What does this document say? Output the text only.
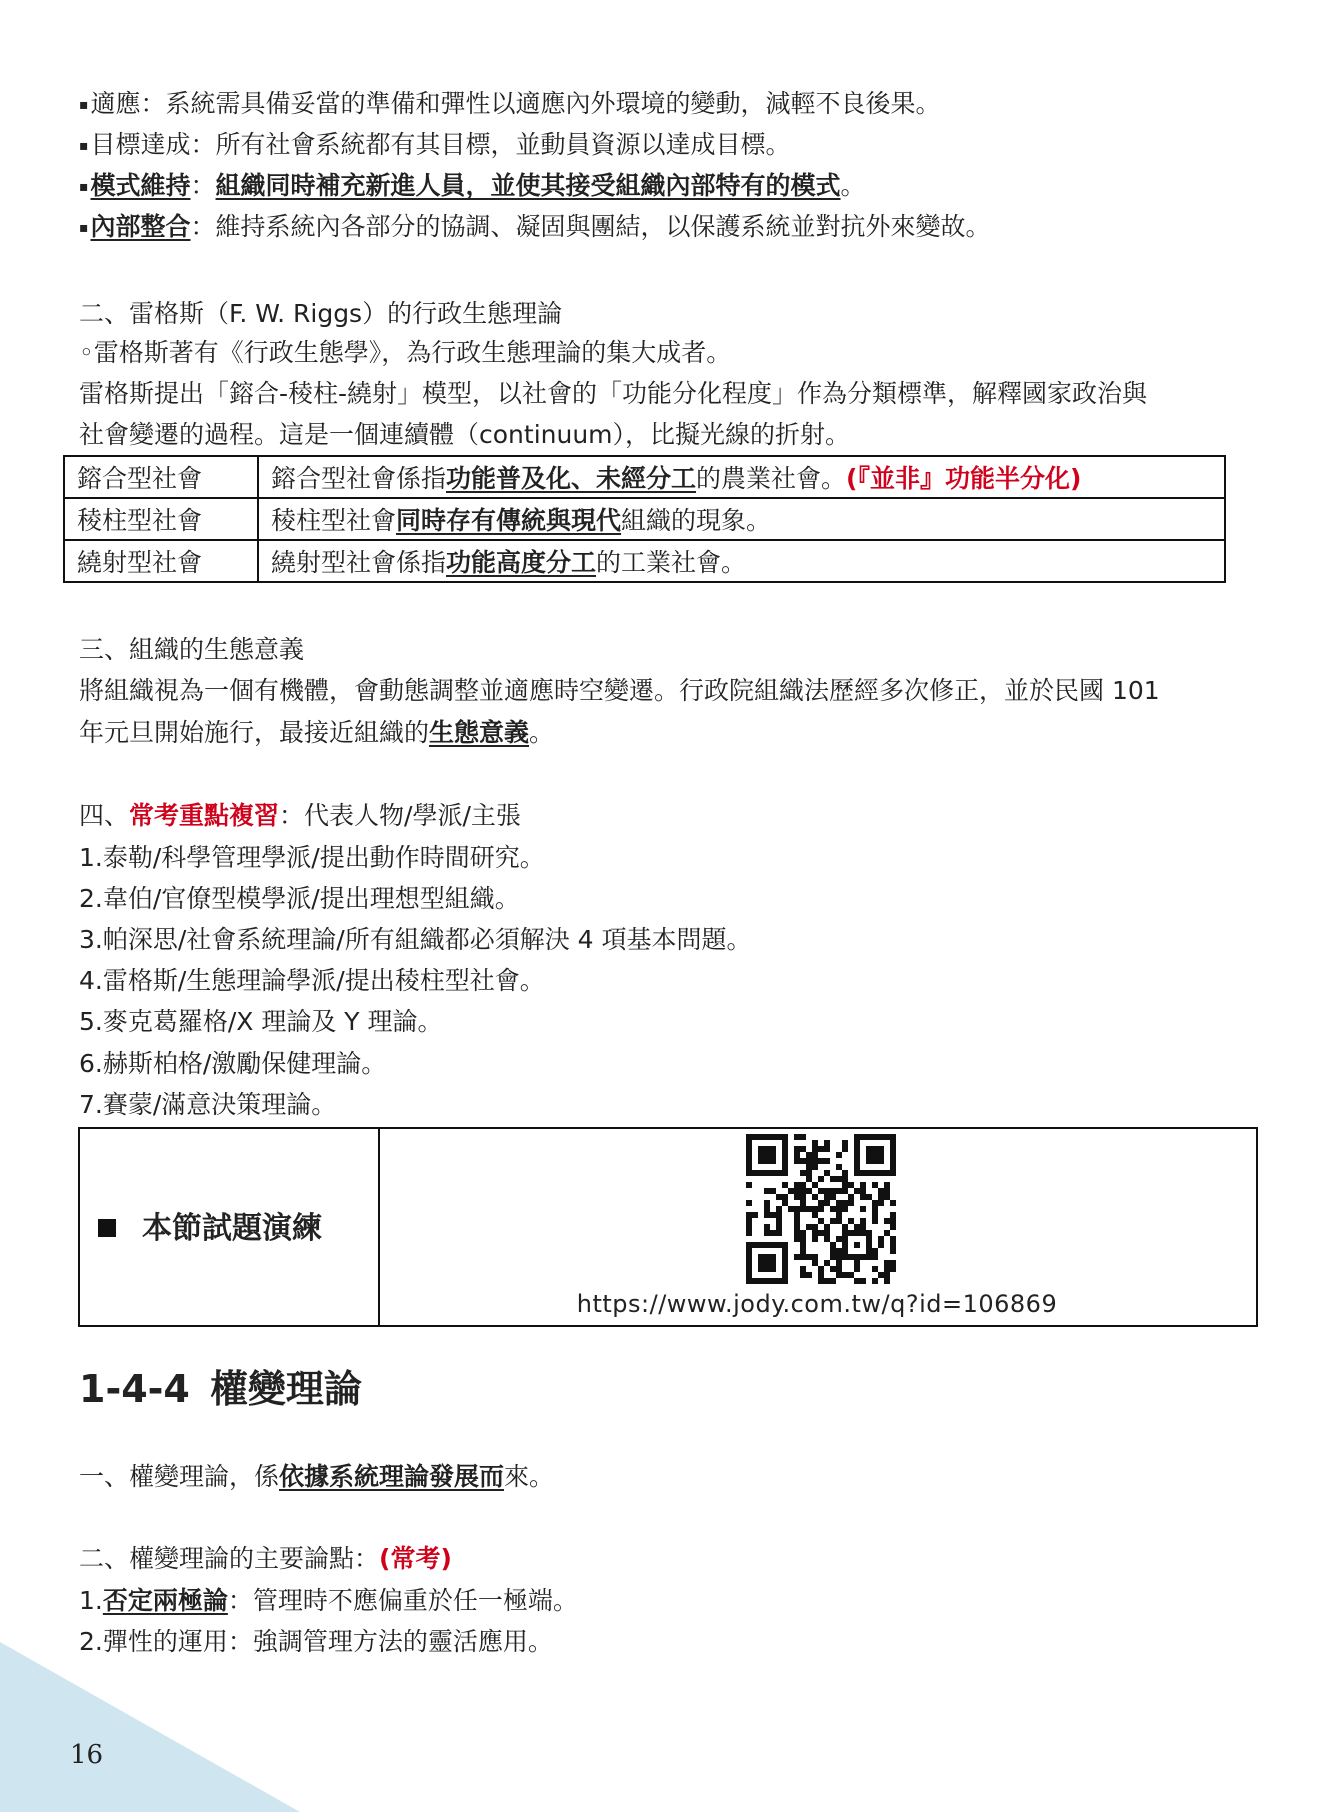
▪適應：系統需具備妥當的準備和彈性以適應內外環境的變動，減輕不良後果。
▪目標達成：所有社會系統都有其目標，並動員資源以達成目標。
▪模式維持：組織同時補充新進人員，並使其接受組織內部特有的模式。
▪內部整合：維持系統內各部分的協調、凝固與團結，以保護系統並對抗外來變故。
二、雷格斯（F. W. Riggs）的行政生態理論
◦雷格斯著有《行政生態學》，為行政生態理論的集大成者。
雷格斯提出「鎔合-稜柱-繞射」模型，以社會的「功能分化程度」作為分類標準，解釋國家政治與
社會變遷的過程。這是一個連續體（continuum），比擬光線的折射。
鎔合型社會	鎔合型社會係指功能普及化、未經分工的農業社會。(『並非』功能半分化)
稜柱型社會	稜柱型社會同時存有傳統與現代組織的現象。
繞射型社會	繞射型社會係指功能高度分工的工業社會。
三、組織的生態意義
將組織視為一個有機體，會動態調整並適應時空變遷。行政院組織法歷經多次修正，並於民國 101
年元旦開始施行，最接近組織的生態意義。
四、常考重點複習：代表人物/學派/主張
1.泰勒/科學管理學派/提出動作時間研究。
2.韋伯/官僚型模學派/提出理想型組織。
3.帕深思/社會系統理論/所有組織都必須解決 4 項基本問題。
4.雷格斯/生態理論學派/提出稜柱型社會。
5.麥克葛羅格/X 理論及 Y 理論。
6.赫斯柏格/激勵保健理論。
7.賽蒙/滿意決策理論。
本節試題演練
https://www.jody.com.tw/q?id=106869
1-4-4 權變理論
一、權變理論，係依據系統理論發展而來。
二、權變理論的主要論點：(常考)
1.否定兩極論：管理時不應偏重於任一極端。
2.彈性的運用：強調管理方法的靈活應用。
16
